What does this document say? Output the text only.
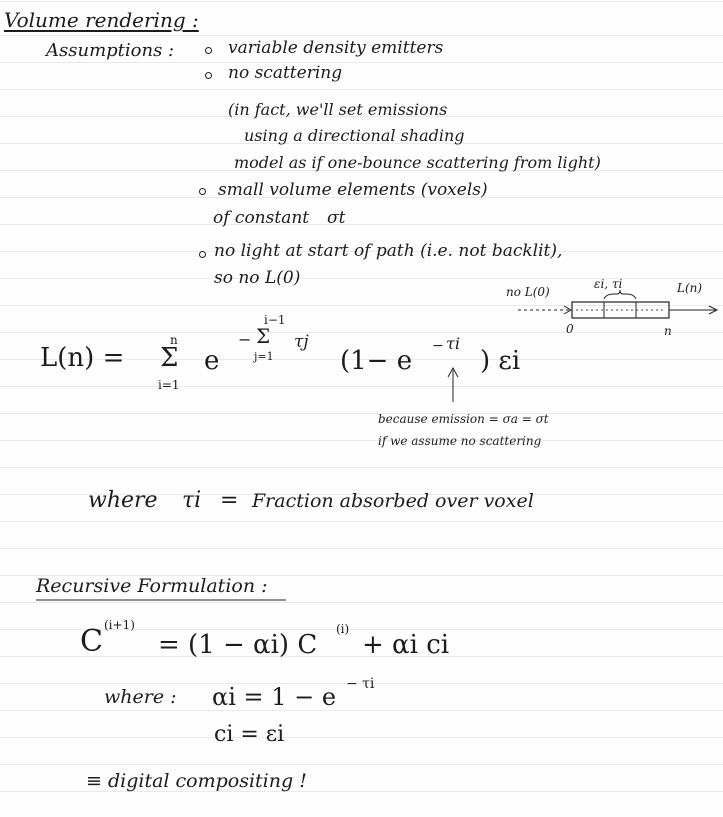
Volume rendering :
Assumptions :	variable density emitters
no scattering
(in fact, we'll set emissions
using a directional shading
model as if one-bounce scattering from light)
small volume elements (voxels)
of constant σt
no light at start of path (i.e. not backlit),
so no L(0)
no L(0)
εi, τi	L(n)
0	n
L(n) =
n
Σ
i=1
e
−
i−1
Σ
j=1
τj
(1− e − τi
) εi
because emission = σa = σt
if we assume no scattering
where τi = Fraction absorbed over voxel
Recursive Formulation :
C (i+1)
= (1 − αi) C
(i)
+ αi ci
where : αi = 1 − e − τi
ci = εi
≡ digital compositing !
